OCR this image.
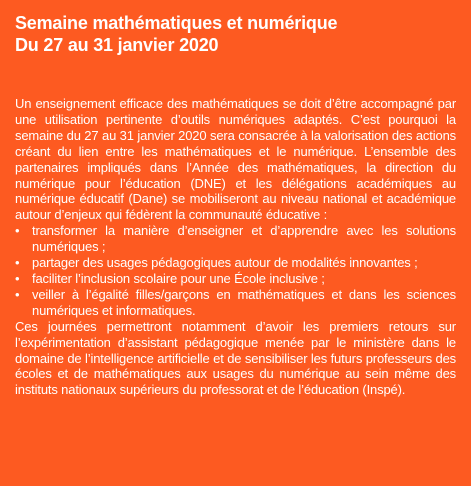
Semaine mathématiques et numérique
Du 27 au 31 janvier 2020

Un enseignement efficace des mathématiques se doit d’être accompagné par une utilisation pertinente d’outils numériques adaptés. C’est pourquoi la semaine du 27 au 31 janvier 2020 sera consacrée à la valorisation des actions créant du lien entre les mathématiques et le numérique. L’ensemble des partenaires impliqués dans l’Année des mathématiques, la direction du numérique pour l’éducation (DNE) et les délégations académiques au numérique éducatif (Dane) se mobiliseront au niveau national et académique autour d’enjeux qui fédèrent la communauté éducative :

• transformer la manière d’enseigner et d’apprendre avec les solutions numériques ;
• partager des usages pédagogiques autour de modalités innovantes ;
• faciliter l’inclusion scolaire pour une École inclusive ;
• veiller à l’égalité filles/garçons en mathématiques et dans les sciences numériques et informatiques.

Ces journées permettront notamment d’avoir les premiers retours sur l’expérimentation d’assistant pédagogique menée par le ministère dans le domaine de l’intelligence artificielle et de sensibiliser les futurs professeurs des écoles et de mathématiques aux usages du numérique au sein même des instituts nationaux supérieurs du professorat et de l’éducation (Inspé).
